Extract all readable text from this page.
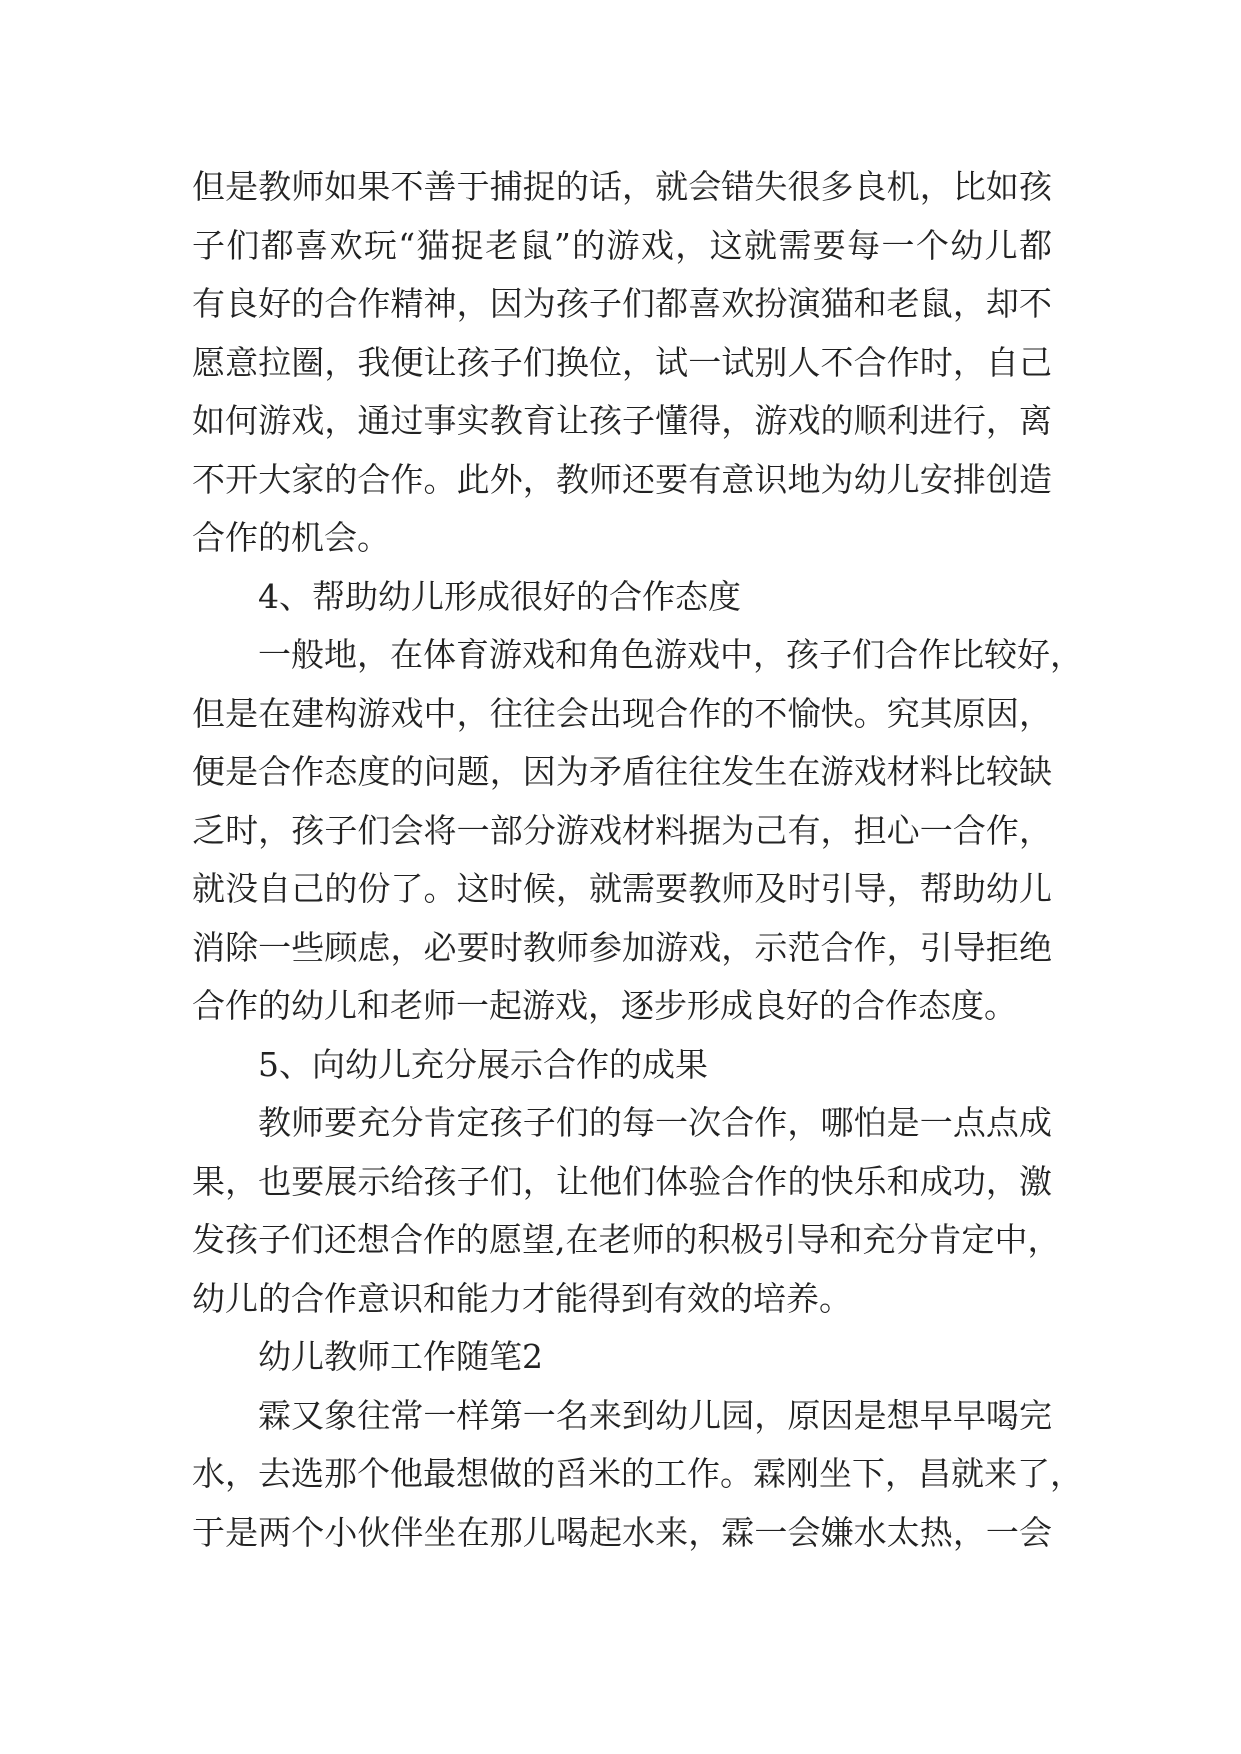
但是教师如果不善于捕捉的话，就会错失很多良机，比如孩
子们都喜欢玩“猫捉老鼠”的游戏，这就需要每一个幼儿都
有良好的合作精神，因为孩子们都喜欢扮演猫和老鼠，却不
愿意拉圈，我便让孩子们换位，试一试别人不合作时，自己
如何游戏，通过事实教育让孩子懂得，游戏的顺利进行，离
不开大家的合作。此外，教师还要有意识地为幼儿安排创造
合作的机会。
4、帮助幼儿形成很好的合作态度
一般地，在体育游戏和角色游戏中，孩子们合作比较好，
但是在建构游戏中，往往会出现合作的不愉快。究其原因，
便是合作态度的问题，因为矛盾往往发生在游戏材料比较缺
乏时，孩子们会将一部分游戏材料据为己有，担心一合作，
就没自己的份了。这时候，就需要教师及时引导，帮助幼儿
消除一些顾虑，必要时教师参加游戏，示范合作，引导拒绝
合作的幼儿和老师一起游戏，逐步形成良好的合作态度。
5、向幼儿充分展示合作的成果
教师要充分肯定孩子们的每一次合作，哪怕是一点点成
果，也要展示给孩子们，让他们体验合作的快乐和成功，激
发孩子们还想合作的愿望,在老师的积极引导和充分肯定中，
幼儿的合作意识和能力才能得到有效的培养。
幼儿教师工作随笔2
霖又象往常一样第一名来到幼儿园，原因是想早早喝完
水，去选那个他最想做的舀米的工作。霖刚坐下，昌就来了，
于是两个小伙伴坐在那儿喝起水来，霖一会嫌水太热，一会
